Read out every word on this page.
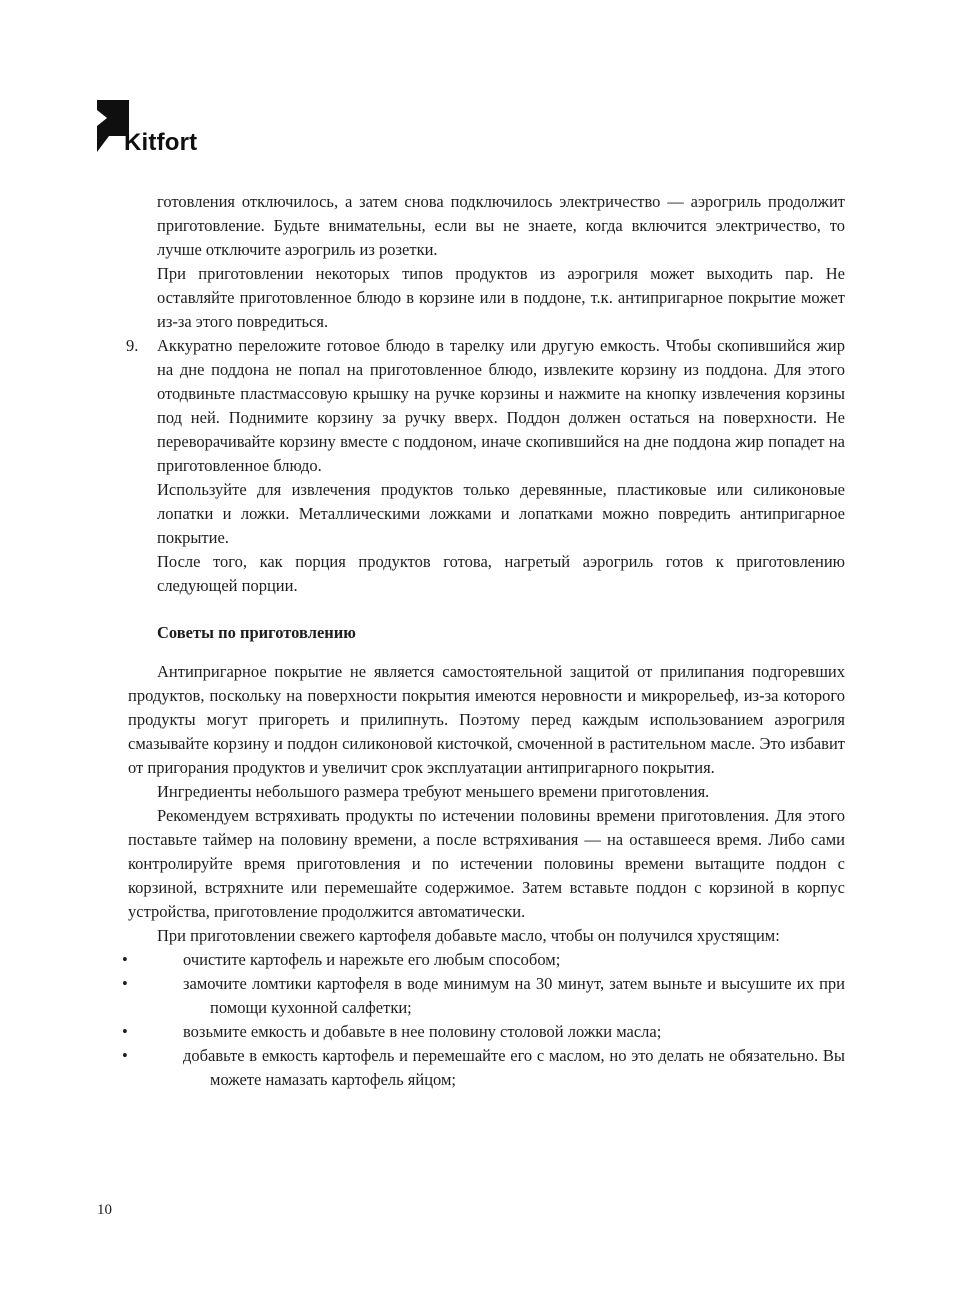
Kitfort

готовления отключилось, а затем снова подключилось электричество — аэрогриль продолжит приготовление. Будьте внимательны, если вы не знаете, когда включится электричество, то лучше отключите аэрогриль из розетки.

При приготовлении некоторых типов продуктов из аэрогриля может выходить пар. Не оставляйте приготовленное блюдо в корзине или в поддоне, т.к. антипригарное покрытие может из-за этого повредиться.

9. Аккуратно переложите готовое блюдо в тарелку или другую емкость. Чтобы скопившийся жир на дне поддона не попал на приготовленное блюдо, извлеките корзину из поддона. Для этого отодвиньте пластмассовую крышку на ручке корзины и нажмите на кнопку извлечения корзины под ней. Поднимите корзину за ручку вверх. Поддон должен остаться на поверхности. Не переворачивайте корзину вместе с поддоном, иначе скопившийся на дне поддона жир попадет на приготовленное блюдо.

Используйте для извлечения продуктов только деревянные, пластиковые или силиконовые лопатки и ложки. Металлическими ложками и лопатками можно повредить антипригарное покрытие.

После того, как порция продуктов готова, нагретый аэрогриль готов к приготовлению следующей порции.

Советы по приготовлению

Антипригарное покрытие не является самостоятельной защитой от прилипания подгоревших продуктов, поскольку на поверхности покрытия имеются неровности и микрорельеф, из-за которого продукты могут пригореть и прилипнуть. Поэтому перед каждым использованием аэрогриля смазывайте корзину и поддон силиконовой кисточкой, смоченной в растительном масле. Это избавит от пригорания продуктов и увеличит срок эксплуатации антипригарного покрытия.

Ингредиенты небольшого размера требуют меньшего времени приготовления.

Рекомендуем встряхивать продукты по истечении половины времени приготовления. Для этого поставьте таймер на половину времени, а после встряхивания — на оставшееся время. Либо сами контролируйте время приготовления и по истечении половины времени вытащите поддон с корзиной, встряхните или перемешайте содержимое. Затем вставьте поддон с корзиной в корпус устройства, приготовление продолжится автоматически.

При приготовлении свежего картофеля добавьте масло, чтобы он получился хрустящим:

• очистите картофель и нарежьте его любым способом;
• замочите ломтики картофеля в воде минимум на 30 минут, затем выньте и высушите их при помощи кухонной салфетки;
• возьмите емкость и добавьте в нее половину столовой ложки масла;
• добавьте в емкость картофель и перемешайте его с маслом, но это делать не обязательно. Вы можете намазать картофель яйцом;
10
